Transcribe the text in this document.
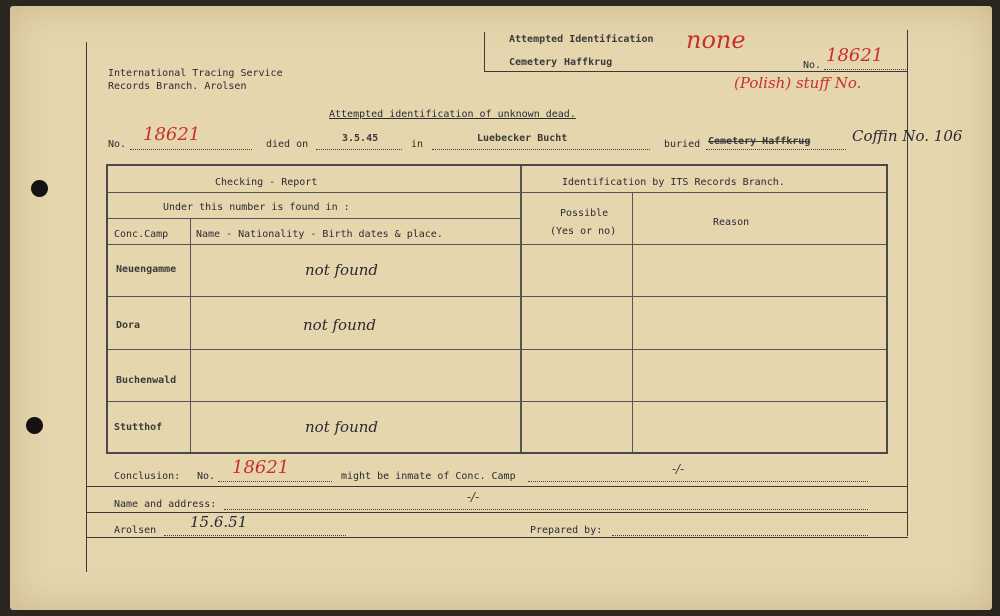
Attempted Identification none
Cemetery Haffkrug	No. 18621
(Polish) stuff No.
International Tracing Service
Records Branch. Arolsen
Attempted identification of unknown dead.
No. 18621	died on
3.5.45
in
Luebecker Bucht
buried Cemetery Haffkrug	Coffin No. 106
Checking - Report	Identification by ITS Records Branch.
Under this number is found in :
Conc.Camp	Name - Nationality - Birth dates & place.
Possible
(Yes or no)
Reason
Neuengamme	not found
Dora	not found
Buchenwald
Stutthof	not found
Conclusion: No. 18621	might be inmate of Conc. Camp
-/-
Name and address:
-/-
Arolsen 15.6.51	Prepared by:
